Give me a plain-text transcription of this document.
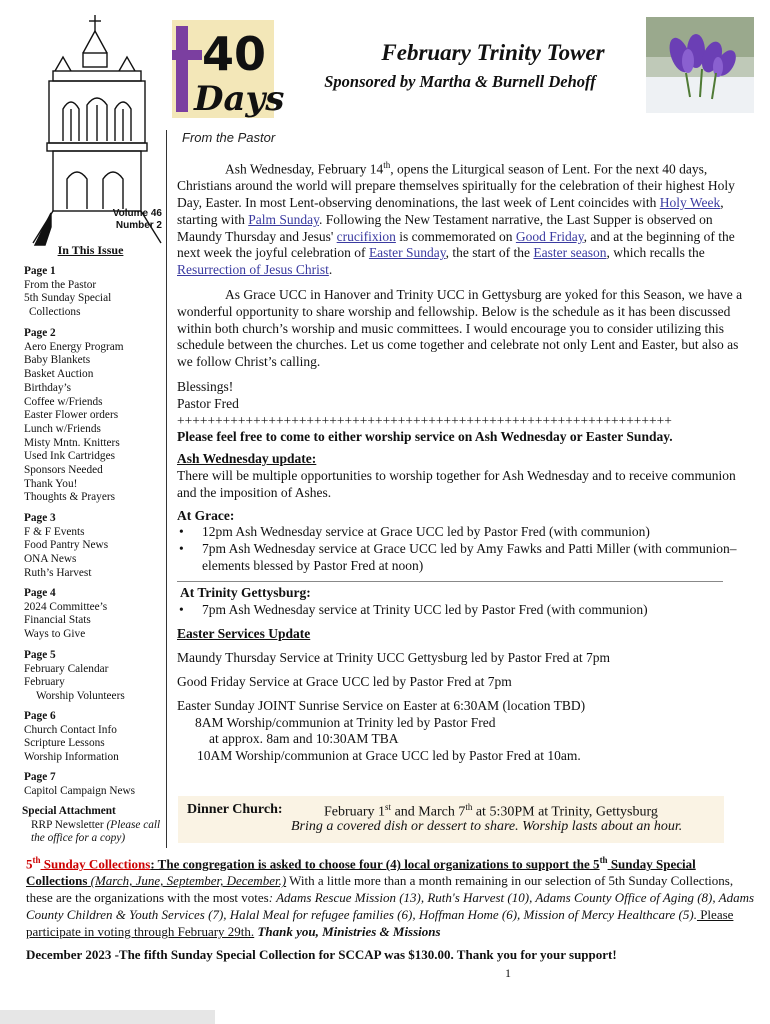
40
Days
February Trinity Tower
Sponsored by Martha & Burnell Dehoff
Volume 46
Number 2
In This Issue
Page 1
From the Pastor
5th Sunday Special
Collections
Page 2
Aero Energy Program
Baby Blankets
Basket Auction
Birthday’s
Coffee w/Friends
Easter Flower orders
Lunch w/Friends
Misty Mntn. Knitters
Used Ink Cartridges
Sponsors Needed
Thank You!
Thoughts & Prayers
Page 3
F & F Events
Food Pantry News
ONA News
Ruth’s Harvest
Page 4
2024 Committee’s
Financial Stats
Ways to Give
Page 5
February Calendar
February
Worship Volunteers
Page 6
Church Contact Info
Scripture Lessons
Worship Information
Page 7
Capitol Campaign News
Special Attachment
RRP Newsletter (Please call the office for a copy)
From the Pastor

Ash Wednesday, February 14th, opens the Liturgical season of Lent. For the next 40 days, Christians around the world will prepare themselves spiritually for the celebration of their highest Holy Day, Easter. In most Lent-observing denominations, the last week of Lent coincides with Holy Week, starting with Palm Sunday. Following the New Testament narrative, the Last Supper is observed on Maundy Thursday and Jesus' crucifixion is commemorated on Good Friday, and at the beginning of the next week the joyful celebration of Easter Sunday, the start of the Easter season, which recalls the Resurrection of Jesus Christ.

As Grace UCC in Hanover and Trinity UCC in Gettysburg are yoked for this Season, we have a wonderful opportunity to share worship and fellowship. Below is the schedule as it has been discussed within both church’s worship and music committees. I would encourage you to consider utilizing this schedule between the churches. Let us come together and celebrate not only Lent and Easter, but also as we follow Christ’s calling.

Blessings!

Pastor Fred

+++++++++++++++++++++++++++++++++++++++++++++++++++++++++++++++++

Please feel free to come to either worship service on Ash Wednesday or Easter Sunday.

Ash Wednesday update:

There will be multiple opportunities to worship together for Ash Wednesday and to receive communion and the imposition of Ashes.

At Grace:

• 12pm Ash Wednesday service at Grace UCC led by Pastor Fred (with communion)
• 7pm Ash Wednesday service at Grace UCC led by Amy Fawks and Patti Miller (with communion–elements blessed by Pastor Fred at noon)

At Trinity Gettysburg:

• 7pm Ash Wednesday service at Trinity UCC led by Pastor Fred (with communion)

Easter Services Update

Maundy Thursday Service at Trinity UCC Gettysburg led by Pastor Fred at 7pm

Good Friday Service at Grace UCC led by Pastor Fred at 7pm

Easter Sunday JOINT Sunrise Service on Easter at 6:30AM (location TBD)
8AM Worship/communion at Trinity led by Pastor Fred
at approx. 8am and 10:30AM TBA
10AM Worship/communion at Grace UCC led by Pastor Fred at 10am.
Dinner Church:	February 1st and March 7th at 5:30PM at Trinity, Gettysburg
Bring a covered dish or dessert to share. Worship lasts about an hour.

5th Sunday Collections: The congregation is asked to choose four (4) local organizations to support the 5th Sunday Special Collections (March, June, September, December.) With a little more than a month remaining in our selection of 5th Sunday Collections, these are the organizations with the most votes: Adams Rescue Mission (13), Ruth's Harvest (10), Adams County Office of Aging (8), Adams County Children & Youth Services (7), Halal Meal for refugee families (6), Hoffman Home (6), Mission of Mercy Healthcare (5). Please participate in voting through February 29th. Thank you, Ministries & Missions

December 2023 -The fifth Sunday Special Collection for SCCAP was $130.00. Thank you for your support!

1
